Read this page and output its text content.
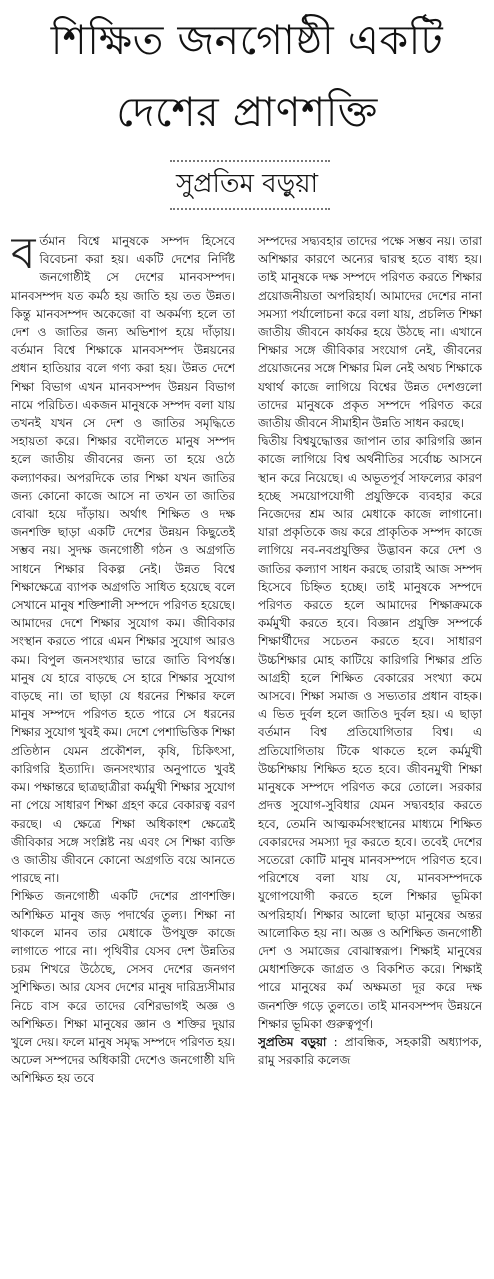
শিক্ষিত জনগোষ্ঠী একটি
দেশের প্রাণশক্তি
সুপ্রতিম বড়ুয়া

বর্তমান বিশ্বে মানুষকে সম্পদ হিসেবে বিবেচনা করা হয়। একটি দেশের নির্দিষ্ট জনগোষ্ঠীই সে দেশের মানবসম্পদ। মানবসম্পদ যত কর্মঠ হয় জাতি হয় তত উন্নত। কিন্তু মানবসম্পদ অকেজো বা অকর্মণ্য হলে তা দেশ ও জাতির জন্য অভিশাপ হয়ে দাঁড়ায়। বর্তমান বিশ্বে শিক্ষাকে মানবসম্পদ উন্নয়নের প্রধান হাতিয়ার বলে গণ্য করা হয়। উন্নত দেশে শিক্ষা বিভাগ এখন মানবসম্পদ উন্নয়ন বিভাগ নামে পরিচিত। একজন মানুষকে সম্পদ বলা যায় তখনই যখন সে দেশ ও জাতির সমৃদ্ধিতে সহায়তা করে। শিক্ষার বদৌলতে মানুষ সম্পদ হলে জাতীয় জীবনের জন্য তা হয়ে ওঠে কল্যাণকর। অপরদিকে তার শিক্ষা যখন জাতির জন্য কোনো কাজে আসে না তখন তা জাতির বোঝা হয়ে দাঁড়ায়। অর্থাৎ শিক্ষিত ও দক্ষ জনশক্তি ছাড়া একটি দেশের উন্নয়ন কিছুতেই সম্ভব নয়। সুদক্ষ জনগোষ্ঠী গঠন ও অগ্রগতি সাধনে শিক্ষার বিকল্প নেই। উন্নত বিশ্বে শিক্ষাক্ষেত্রে ব্যাপক অগ্রগতি সাধিত হয়েছে বলে সেখানে মানুষ শক্তিশালী সম্পদে পরিণত হয়েছে। আমাদের দেশে শিক্ষার সুযোগ কম। জীবিকার সংস্থান করতে পারে এমন শিক্ষার সুযোগ আরও কম। বিপুল জনসংখ্যার ভারে জাতি বিপর্যস্ত। মানুষ যে হারে বাড়ছে সে হারে শিক্ষার সুযোগ বাড়ছে না। তা ছাড়া যে ধরনের শিক্ষার ফলে মানুষ সম্পদে পরিণত হতে পারে সে ধরনের শিক্ষার সুযোগ খুবই কম। দেশে পেশাভিত্তিক শিক্ষা প্রতিষ্ঠান যেমন প্রকৌশল, কৃষি, চিকিৎসা, কারিগরি ইত্যাদি। জনসংখ্যার অনুপাতে খুবই কম। পক্ষান্তরে ছাত্রছাত্রীরা কর্মমুখী শিক্ষার সুযোগ না পেয়ে সাধারণ শিক্ষা গ্রহণ করে বেকারত্ব বরণ করছে। এ ক্ষেত্রে শিক্ষা অধিকাংশ ক্ষেত্রেই জীবিকার সঙ্গে সংশ্লিষ্ট নয় এবং সে শিক্ষা ব্যক্তি ও জাতীয় জীবনে কোনো অগ্রগতি বয়ে আনতে পারছে না।

শিক্ষিত জনগোষ্ঠী একটি দেশের প্রাণশক্তি। অশিক্ষিত মানুষ জড় পদার্থের তুল্য। শিক্ষা না থাকলে মানব তার মেধাকে উপযুক্ত কাজে লাগাতে পারে না। পৃথিবীর যেসব দেশ উন্নতির চরম শিখরে উঠেছে, সেসব দেশের জনগণ সুশিক্ষিত। আর যেসব দেশের মানুষ দারিদ্র্যসীমার নিচে বাস করে তাদের বেশিরভাগই অজ্ঞ ও অশিক্ষিত। শিক্ষা মানুষের জ্ঞান ও শক্তির দুয়ার খুলে দেয়। ফলে মানুষ সমৃদ্ধ সম্পদে পরিণত হয়। অঢেল সম্পদের অধিকারী দেশেও জনগোষ্ঠী যদি অশিক্ষিত হয় তবে

সম্পদের সদ্ব্যবহার তাদের পক্ষে সম্ভব নয়। তারা অশিক্ষার কারণে অন্যের দ্বারস্থ হতে বাধ্য হয়। তাই মানুষকে দক্ষ সম্পদে পরিণত করতে শিক্ষার প্রয়োজনীয়তা অপরিহার্য। আমাদের দেশের নানা সমস্যা পর্যালোচনা করে বলা যায়, প্রচলিত শিক্ষা জাতীয় জীবনে কার্যকর হয়ে উঠছে না। এখানে শিক্ষার সঙ্গে জীবিকার সংযোগ নেই, জীবনের প্রয়োজনের সঙ্গে শিক্ষার মিল নেই অথচ শিক্ষাকে যথার্থ কাজে লাগিয়ে বিশ্বের উন্নত দেশগুলো তাদের মানুষকে প্রকৃত সম্পদে পরিণত করে জাতীয় জীবনে সীমাহীন উন্নতি সাধন করছে।

দ্বিতীয় বিশ্বযুদ্ধোত্তর জাপান তার কারিগরি জ্ঞান কাজে লাগিয়ে বিশ্ব অর্থনীতির সর্বোচ্চ আসনে স্থান করে নিয়েছে। এ অভূতপূর্ব সাফল্যের কারণ হচ্ছে সময়োপযোগী প্রযুক্তিকে ব্যবহার করে নিজেদের শ্রম আর মেধাকে কাজে লাগানো। যারা প্রকৃতিকে জয় করে প্রাকৃতিক সম্পদ কাজে লাগিয়ে নব-নবপ্রযুক্তির উদ্ভাবন করে দেশ ও জাতির কল্যাণ সাধন করছে তারাই আজ সম্পদ হিসেবে চিহ্নিত হচ্ছে। তাই মানুষকে সম্পদে পরিণত করতে হলে আমাদের শিক্ষাক্রমকে কর্মমুখী করতে হবে। বিজ্ঞান প্রযুক্তি সম্পর্কে শিক্ষার্থীদের সচেতন করতে হবে। সাধারণ উচ্চশিক্ষার মোহ কাটিয়ে কারিগরি শিক্ষার প্রতি আগ্রহী হলে শিক্ষিত বেকারের সংখ্যা কমে আসবে। শিক্ষা সমাজ ও সভ্যতার প্রধান বাহক। এ ভিত দুর্বল হলে জাতিও দুর্বল হয়। এ ছাড়া বর্তমান বিশ্ব প্রতিযোগিতার বিশ্ব। এ প্রতিযোগিতায় টিকে থাকতে হলে কর্মমুখী উচ্চশিক্ষায় শিক্ষিত হতে হবে। জীবনমুখী শিক্ষা মানুষকে সম্পদে পরিণত করে তোলে। সরকার প্রদত্ত সুযোগ-সুবিধার যেমন সদ্ব্যবহার করতে হবে, তেমনি আত্মকর্মসংস্থানের মাধ্যমে শিক্ষিত বেকারদের সমস্যা দূর করতে হবে। তবেই দেশের সতেরো কোটি মানুষ মানবসম্পদে পরিণত হবে। পরিশেষে বলা যায় যে, মানবসম্পদকে যুগোপযোগী করতে হলে শিক্ষার ভূমিকা অপরিহার্য। শিক্ষার আলো ছাড়া মানুষের অন্তর আলোকিত হয় না। অজ্ঞ ও অশিক্ষিত জনগোষ্ঠী দেশ ও সমাজের বোঝাস্বরূপ। শিক্ষাই মানুষের মেধাশক্তিকে জাগ্রত ও বিকশিত করে। শিক্ষাই পারে মানুষের কর্ম অক্ষমতা দূর করে দক্ষ জনশক্তি গড়ে তুলতে। তাই মানবসম্পদ উন্নয়নে শিক্ষার ভূমিকা গুরুত্বপূর্ণ।

সুপ্রতিম বড়ুয়া : প্রাবন্ধিক, সহকারী অধ্যাপক, রামু সরকারি কলেজ
